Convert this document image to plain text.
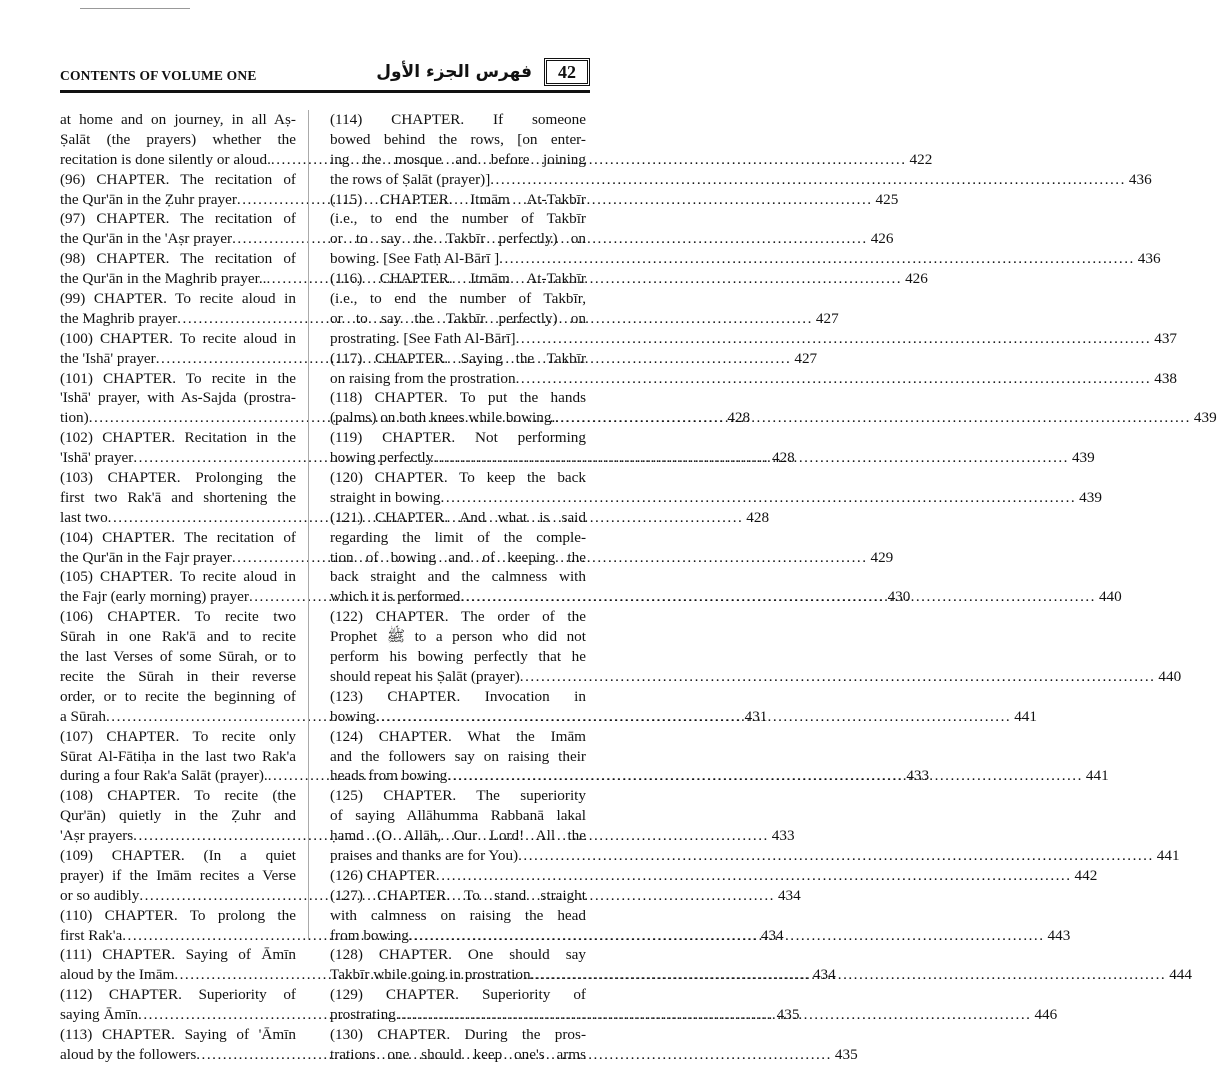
CONTENTS OF VOLUME ONE	فهرس الجزء الأول	42
at home and on journey, in all Aṣ-
Ṣalāt (the prayers) whether the
recitation is done silently or aloud. .....	422
(96) CHAPTER. The recitation of
the Qur'ān in the Ẓuhr prayer .....	425
(97) CHAPTER. The recitation of
the Qur'ān in the 'Aṣr prayer .....	426
(98) CHAPTER. The recitation of
the Qur'ān in the Maghrib prayer.. .....	426
(99) CHAPTER. To recite aloud in
the Maghrib prayer .....	427
(100) CHAPTER. To recite aloud in
the 'Ishā' prayer .....	427
(101) CHAPTER. To recite in the
'Ishā' prayer, with As-Sajda (prostra-
tion) .....	428
(102) CHAPTER. Recitation in the
'Ishā' prayer .....	428
(103) CHAPTER. Prolonging the
first two Rak'ā and shortening the
last two .....	428
(104) CHAPTER. The recitation of
the Qur'ān in the Fajr prayer .....	429
(105) CHAPTER. To recite aloud in
the Fajr (early morning) prayer .....	430
(106) CHAPTER. To recite two
Sūrah in one Rak'ā and to recite
the last Verses of some Sūrah, or to
recite the Sūrah in their reverse
order, or to recite the beginning of
a Sūrah .....	431
(107) CHAPTER. To recite only
Sūrat Al-Fātiḥa in the last two Rak'a
during a four Rak'a Salāt (prayer). .....	433
(108) CHAPTER. To recite (the
Qur'ān) quietly in the Ẓuhr and
'Aṣr prayers .....	433
(109) CHAPTER. (In a quiet
prayer) if the Imām recites a Verse
or so audibly .....	434
(110) CHAPTER. To prolong the
first Rak'a .....	434
(111) CHAPTER. Saying of Āmīn
aloud by the Imām .....	434
(112) CHAPTER. Superiority of
saying Āmīn .....	435
(113) CHAPTER. Saying of 'Āmīn
aloud by the followers .....	435
(114) CHAPTER. If someone
bowed behind the rows, [on enter-
ing the mosque and before joining
the rows of Ṣalāt (prayer)] .....	436
(115) CHAPTER. Itmām At-Takbīr
(i.e., to end the number of Takbīr
or to say the Takbīr perfectly) on
bowing. [See Fatḥ Al-Bārī ] .....	436
(116) CHAPTER. Itmām At-Takbīr
(i.e., to end the number of Takbīr,
or to say the Takbīr perfectly) on
prostrating. [See Fath Al-Bārī] .....	437
(117) CHAPTER. Saying the Takbīr
on raising from the prostration .....	438
(118) CHAPTER. To put the hands
(palms) on both knees while bowing. .....	439
(119) CHAPTER. Not performing
bowing perfectly .....	439
(120) CHAPTER. To keep the back
straight in bowing .....	439
(121) CHAPTER. And what is said
regarding the limit of the comple-
tion of bowing and of keeping the
back straight and the calmness with
which it is performed .....	440
(122) CHAPTER. The order of the
Prophet ﷺ to a person who did not
perform his bowing perfectly that he
should repeat his Ṣalāt (prayer) .....	440
(123) CHAPTER. Invocation in
bowing .....	441
(124) CHAPTER. What the Imām
and the followers say on raising their
heads from bowing .....	441
(125) CHAPTER. The superiority
of saying Allāhumma Rabbanā lakal
ḥamd (O Allāh, Our Lord! All the
praises and thanks are for You) .....	441
(126) CHAPTER .....	442
(127) CHAPTER. To stand straight
with calmness on raising the head
from bowing .....	443
(128) CHAPTER. One should say
Takbīr while going in prostration .....	444
(129) CHAPTER. Superiority of
prostrating .....	446
(130) CHAPTER. During the pros-
trations one should keep one's arms
